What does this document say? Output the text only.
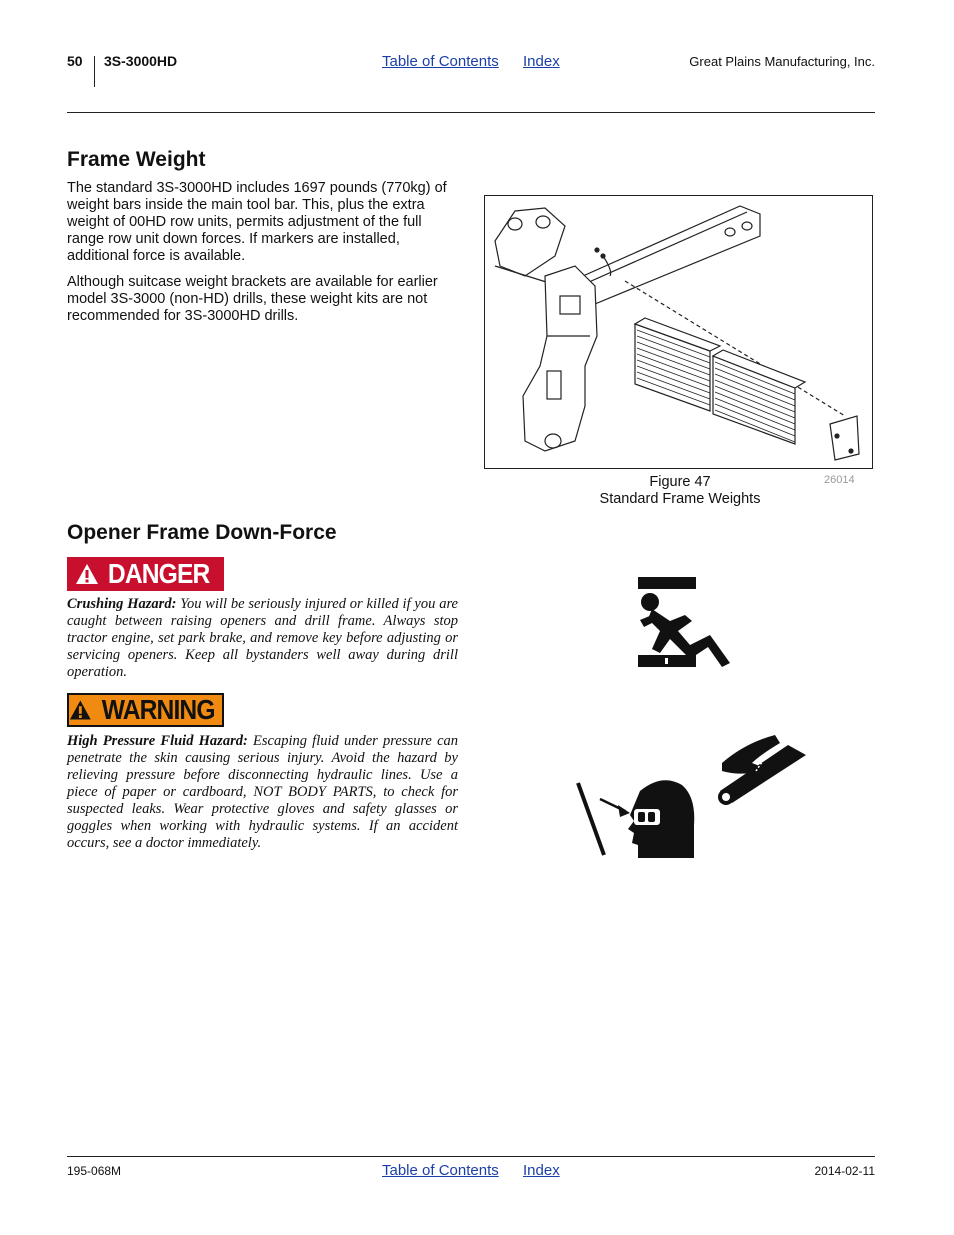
50 3S-3000HD	Table of Contents Index	Great Plains Manufacturing, Inc.
Frame Weight
The standard 3S-3000HD includes 1697 pounds (770kg) of weight bars inside the main tool bar. This, plus the extra weight of 00HD row units, permits adjustment of the full range row unit down forces. If markers are installed, additional force is available.
Although suitcase weight brackets are available for earlier model 3S-3000 (non-HD) drills, these weight kits are not recommended for 3S-3000HD drills.
Figure 47
Standard Frame Weights
26014
Opener Frame Down-Force
DANGER
Crushing Hazard: You will be seriously injured or killed if you are caught between raising openers and drill frame. Always stop tractor engine, set park brake, and remove key before adjusting or servicing openers. Keep all bystanders well away during drill operation.
WARNING
High Pressure Fluid Hazard: Escaping fluid under pressure can penetrate the skin causing serious injury. Avoid the hazard by relieving pressure before disconnecting hydraulic lines. Use a piece of paper or cardboard, NOT BODY PARTS, to check for suspected leaks. Wear protective gloves and safety glasses or goggles when working with hydraulic systems. If an accident occurs, see a doctor immediately.
195-068M	Table of Contents Index	2014-02-11
